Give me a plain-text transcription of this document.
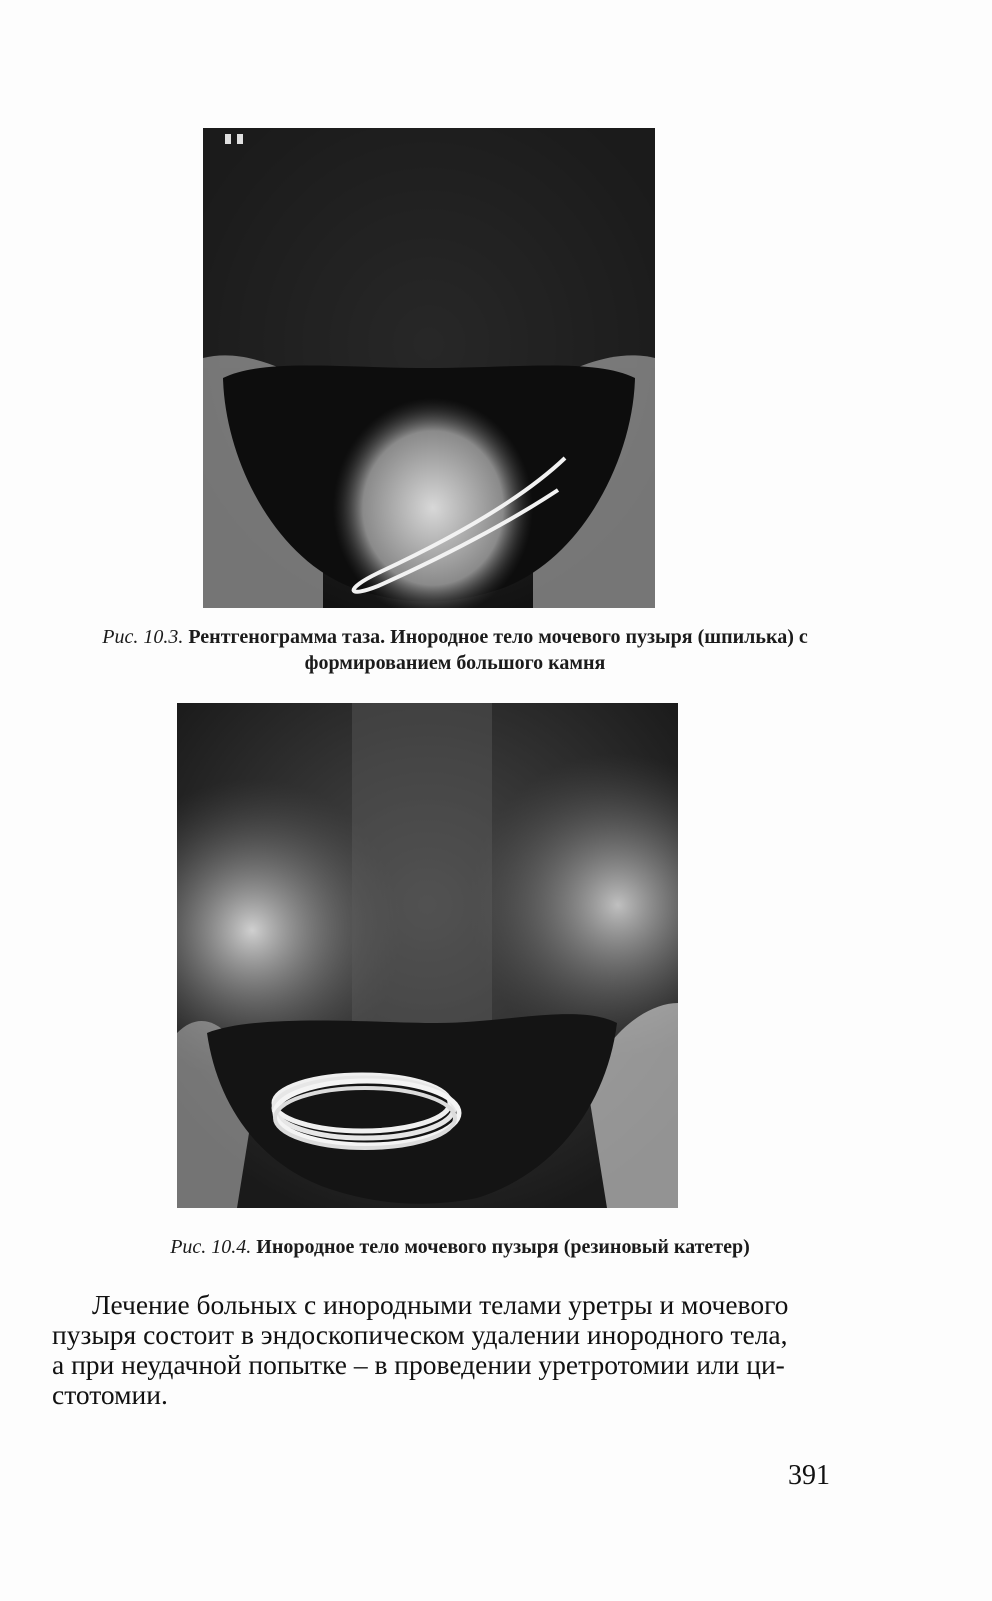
Рис. 10.3. Рентгенограмма таза. Инородное тело мочевого пузыря (шпилька) с
формированием большого камня
Рис. 10.4. Инородное тело мочевого пузыря (резиновый катетер)
Лечение больных с инородными телами уретры и мочевого
пузыря состоит в эндоскопическом удалении инородного тела,
а при неудачной попытке – в проведении уретротомии или ци-
стотомии.
391
